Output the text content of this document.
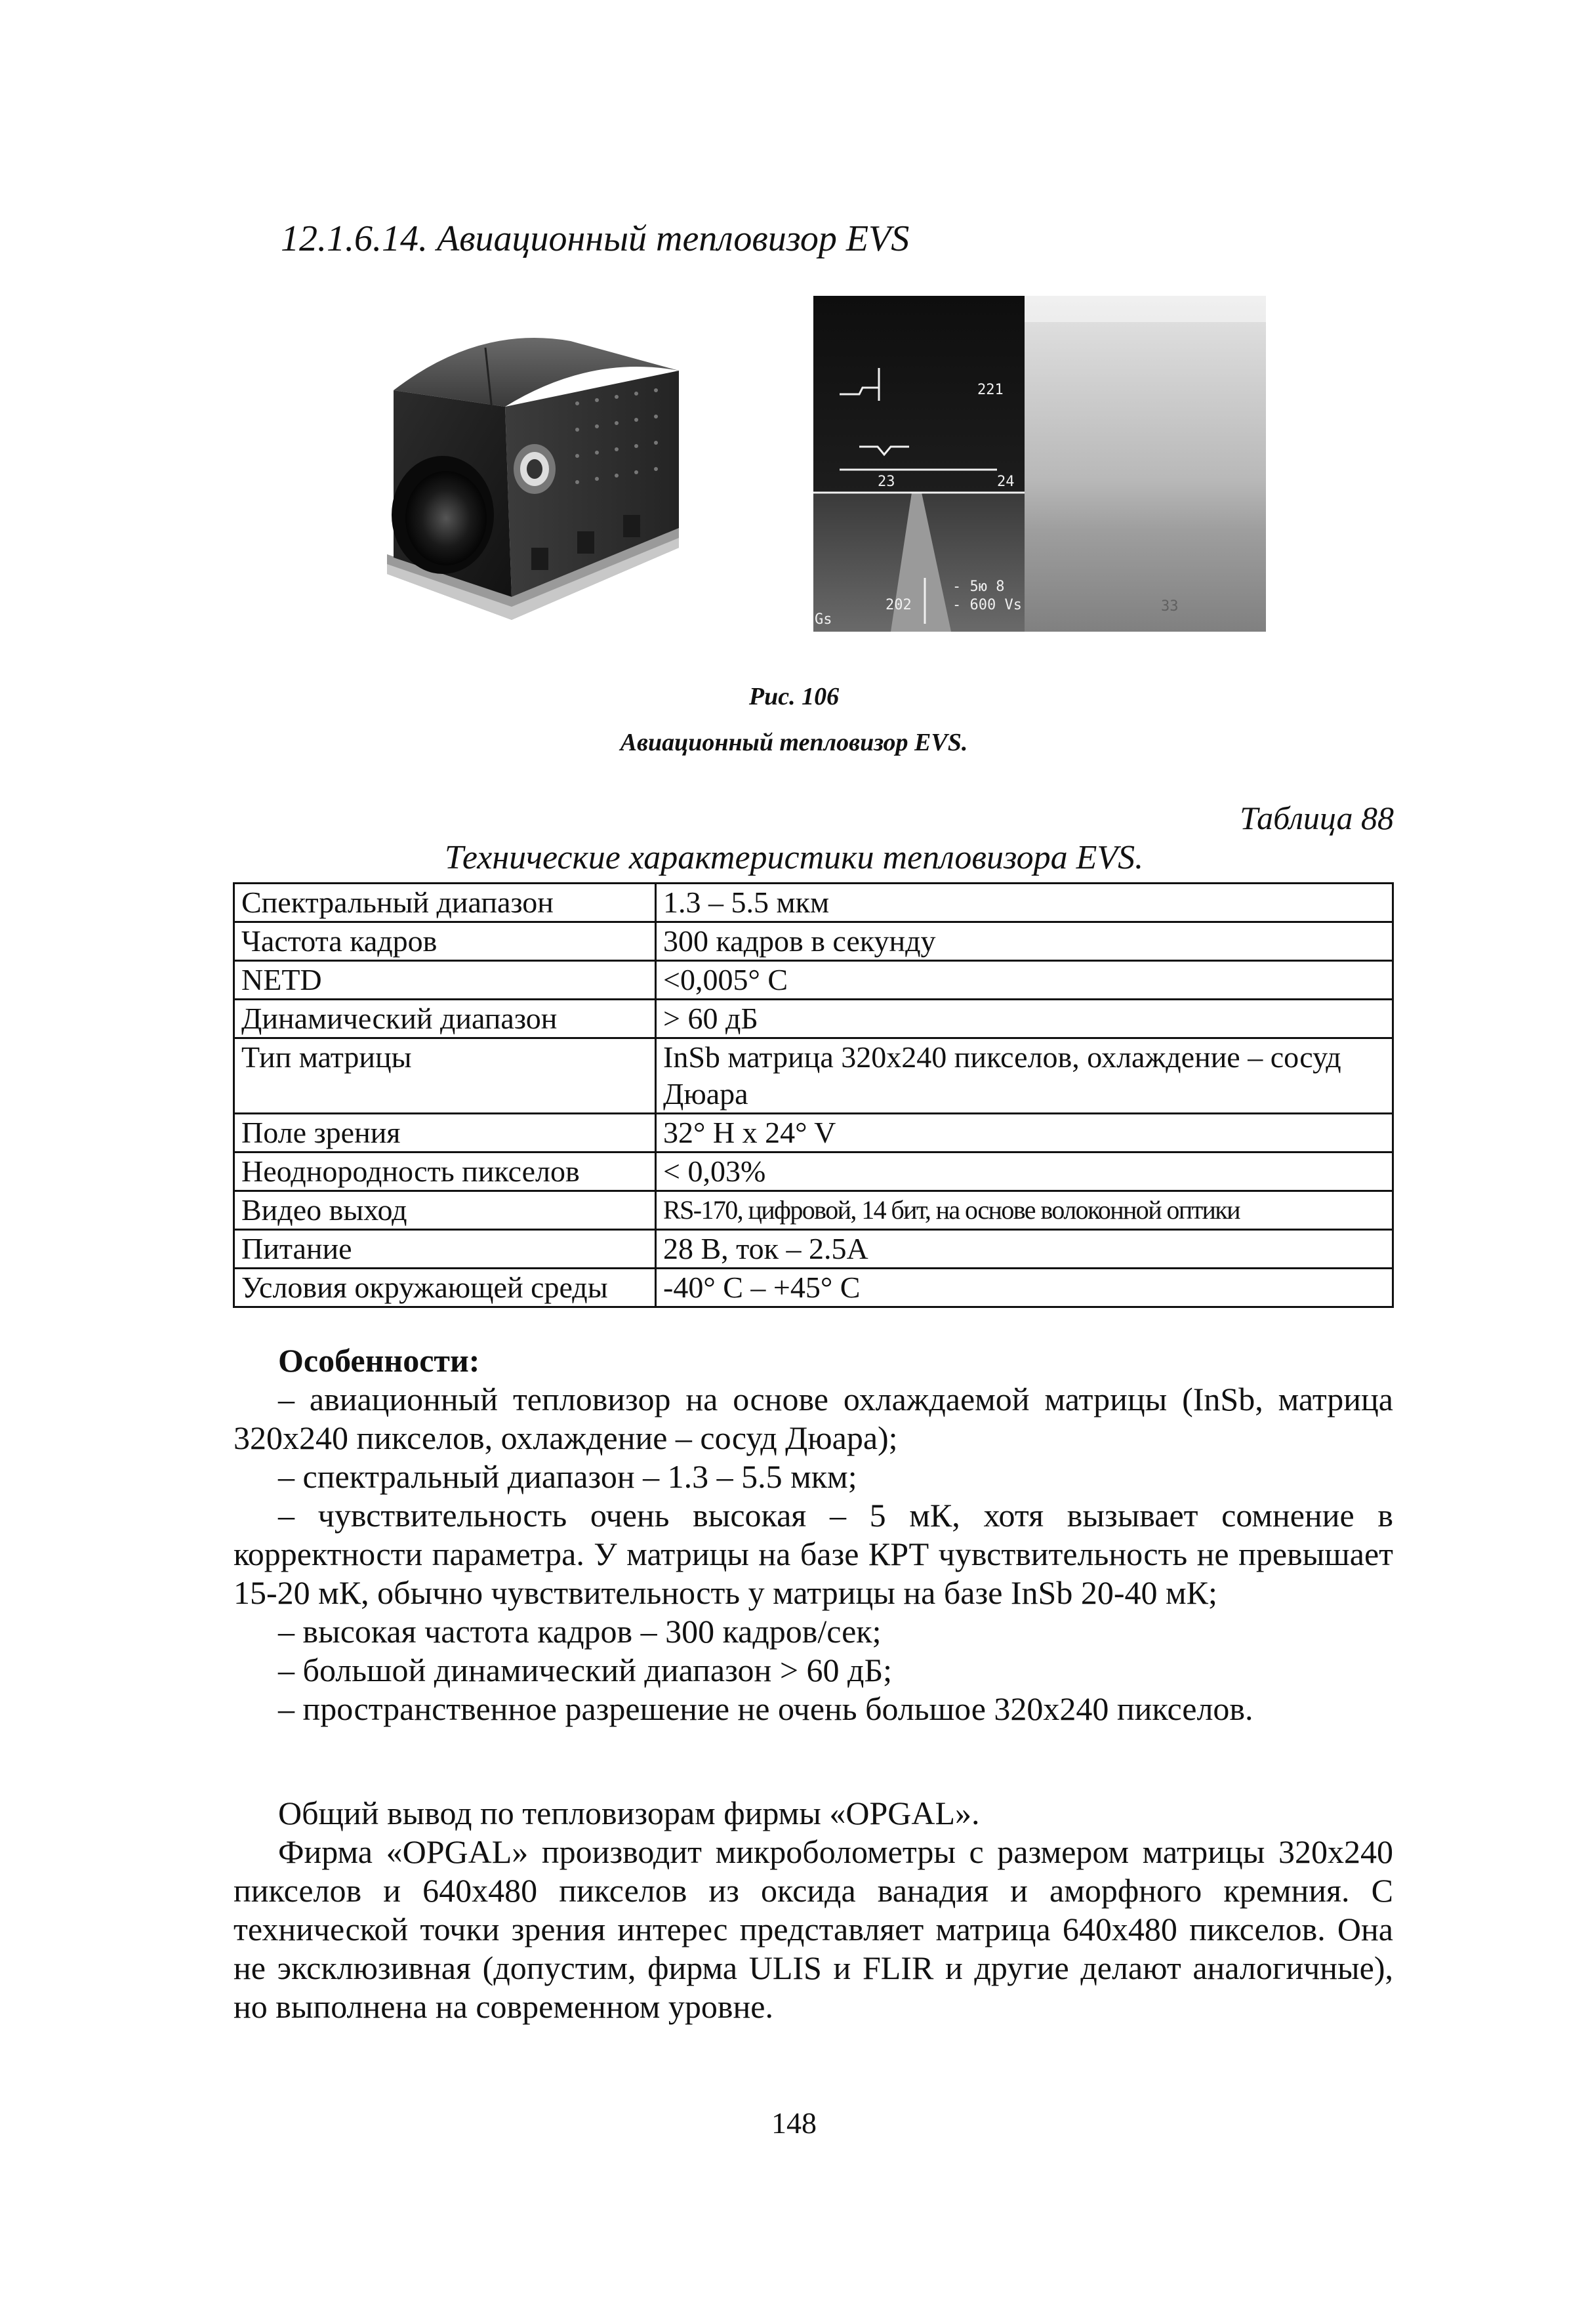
12.1.6.14. Авиационный тепловизор EVS
221
Gs
202
- 5ю 8
- 600 Vs
23	24
33
Рис. 106
Авиационный тепловизор EVS.
Таблица 88
Технические характеристики тепловизора EVS.
Спектральный диапазон	1.3 – 5.5 мкм
Частота кадров	300 кадров в секунду
NETD	<0,005° С
Динамический диапазон	> 60 дБ
Тип матрицы	InSb матрица 320х240 пикселов, охлаждение – сосуд Дюара
Поле зрения	32° H x 24° V
Неоднородность пикселов	< 0,03%
Видео выход	RS-170, цифровой, 14 бит, на основе волоконной оптики
Питание	28 В, ток – 2.5А
Условия окружающей среды	-40° С – +45° С

Особенности:

– авиационный тепловизор на основе охлаждаемой матрицы (InSb, матрица 320х240 пикселов, охлаждение – сосуд Дюара);

– спектральный диапазон – 1.3 – 5.5 мкм;

– чувствительность очень высокая – 5 мК, хотя вызывает сомнение в корректности параметра. У матрицы на базе КРТ чувствительность не превышает 15-20 мК, обычно чувствительность у матрицы на базе InSb 20-40 мК;

– высокая частота кадров – 300 кадров/сек;

– большой динамический диапазон > 60 дБ;

– пространственное разрешение не очень большое 320х240 пикселов.

Общий вывод по тепловизорам фирмы «OPGAL».

Фирма «OPGAL» производит микроболометры с размером матрицы 320х240 пикселов и 640х480 пикселов из оксида ванадия и аморфного кремния. С технической точки зрения интерес представляет матрица 640х480 пикселов. Она не эксклюзивная (допустим, фирма ULIS и FLIR и другие делают аналогичные), но выполнена на современном уровне.

148
